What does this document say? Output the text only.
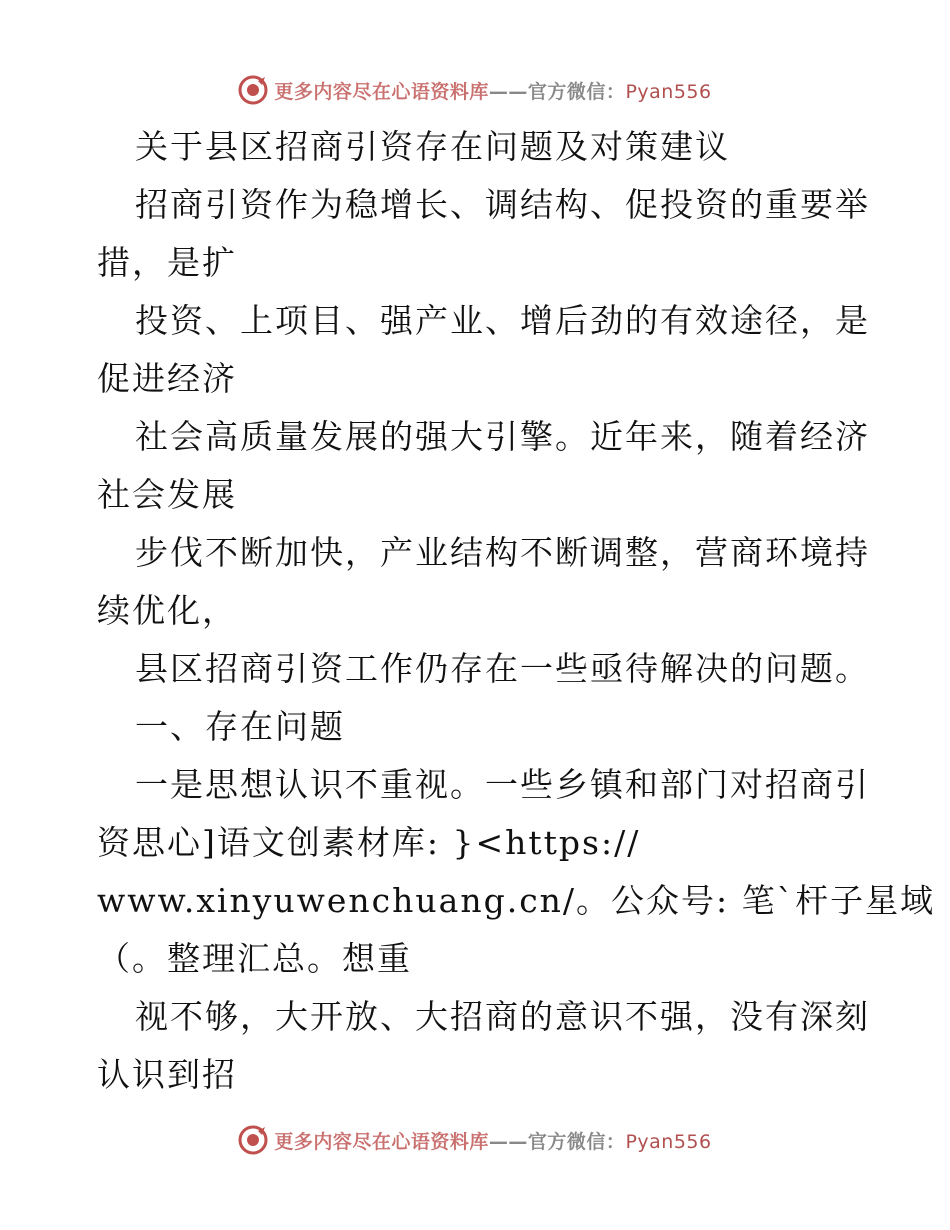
更多内容尽在心语资料库——官方微信：Pyan556
关于县区招商引资存在问题及对策建议
招商引资作为稳增长、调结构、促投资的重要举
措，是扩
投资、上项目、强产业、增后劲的有效途径，是
促进经济
社会高质量发展的强大引擎。近年来，随着经济
社会发展
步伐不断加快，产业结构不断调整，营商环境持
续优化，
县区招商引资工作仍存在一些亟待解决的问题。
一、存在问题
一是思想认识不重视。一些乡镇和部门对招商引
资思心]语文创素材库: }<https://
www.xinyuwenchuang.cn/。公众号: 笔`杆子星域
（。整理汇总。想重
视不够，大开放、大招商的意识不强，没有深刻
认识到招
更多内容尽在心语资料库——官方微信：Pyan556
